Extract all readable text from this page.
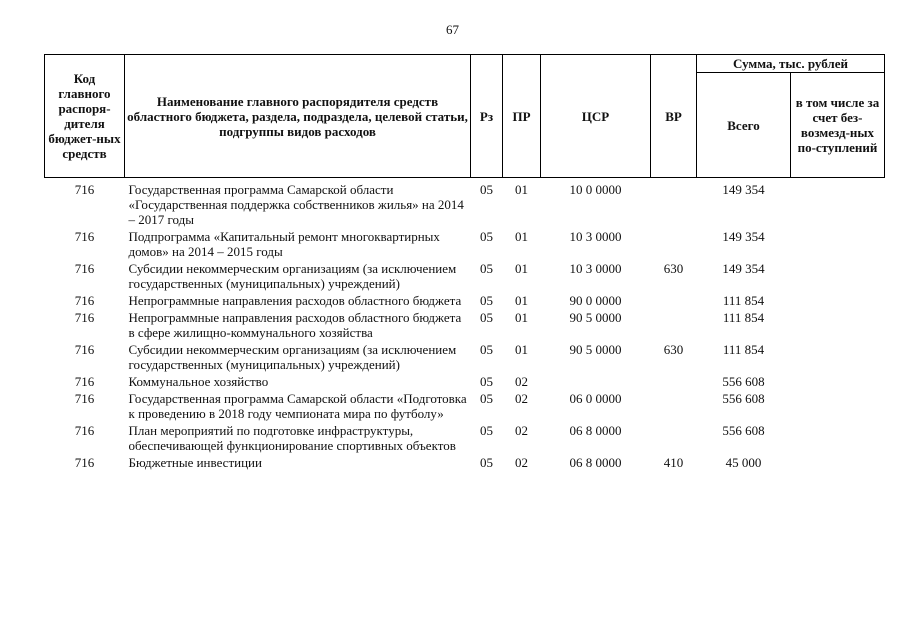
67
Код главного распоря-дителя бюджет-ных средств	Наименование главного распорядителя средств областного бюджета, раздела, подраздела, целевой статьи, подгруппы видов расходов	Рз	ПР	ЦСР	ВР	Сумма, тыс. рублей	
						Всего	в том числе за счет без-возмезд-ных по-ступлений
716	Государственная программа Самарской области «Государственная поддержка собственников жилья» на 2014 – 2017 годы	05	01	10 0 0000		149 354	
716	Подпрограмма «Капитальный ремонт многоквартирных домов» на 2014 – 2015 годы	05	01	10 3 0000		149 354	
716	Субсидии некоммерческим организациям (за исключением государственных (муниципальных) учреждений)	05	01	10 3 0000	630	149 354	
716	Непрограммные направления расходов областного бюджета	05	01	90 0 0000		111 854	
716	Непрограммные направления расходов областного бюджета в сфере жилищно-коммунального хозяйства	05	01	90 5 0000		111 854	
716	Субсидии некоммерческим организациям (за исключением государственных (муниципальных) учреждений)	05	01	90 5 0000	630	111 854	
716	Коммунальное хозяйство	05	02			556 608	
716	Государственная программа Самарской области «Подготовка к проведению в 2018 году чемпионата мира по футболу»	05	02	06 0 0000		556 608	
716	План мероприятий по подготовке инфраструктуры, обеспечивающей функционирование спортивных объектов	05	02	06 8 0000		556 608	
716	Бюджетные инвестиции	05	02	06 8 0000	410	45 000	
